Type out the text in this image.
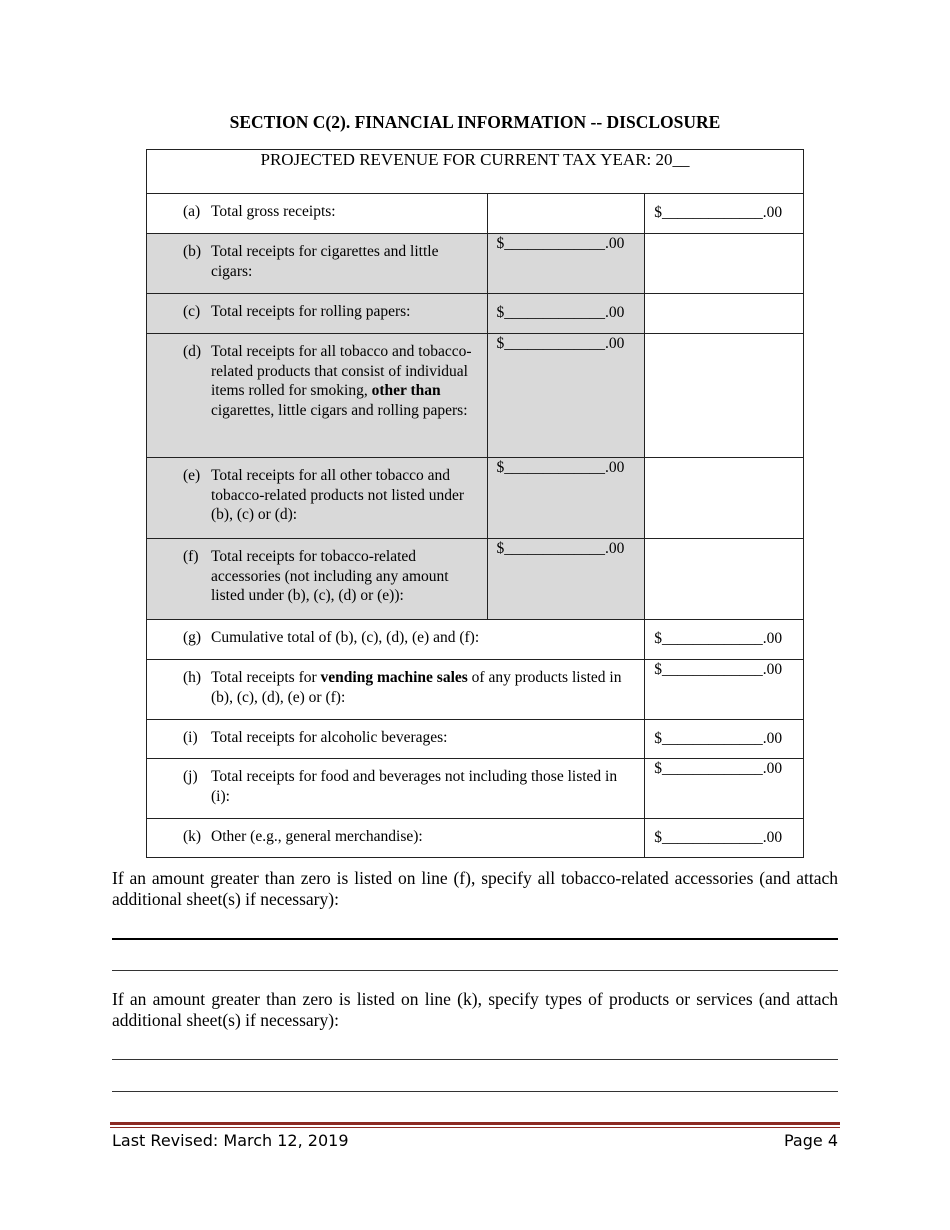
SECTION C(2). FINANCIAL INFORMATION -- DISCLOSURE
PROJECTED REVENUE FOR CURRENT TAX YEAR: 20__		

(a) Total gross receipts:		$_____________.00

(b) Total receipts for cigarettes and little cigars:	$_____________.00	

(c) Total receipts for rolling papers:	$_____________.00	

(d) Total receipts for all tobacco and tobacco-related products that consist of individual items rolled for smoking, other than cigarettes, little cigars and rolling papers:	$_____________.00	

(e) Total receipts for all other tobacco and tobacco-related products not listed under (b), (c) or (d):	$_____________.00	

(f) Total receipts for tobacco-related accessories (not including any amount listed under (b), (c), (d) or (e)):	$_____________.00	

(g) Cumulative total of (b), (c), (d), (e) and (f):		$_____________.00

(h) Total receipts for vending machine sales of any products listed in (b), (c), (d), (e) or (f):		$_____________.00

(i) Total receipts for alcoholic beverages:		$_____________.00

(j) Total receipts for food and beverages not including those listed in (i):		$_____________.00

(k) Other (e.g., general merchandise):		$_____________.00
If an amount greater than zero is listed on line (f), specify all tobacco-related accessories (and attach additional sheet(s) if necessary):
If an amount greater than zero is listed on line (k), specify types of products or services (and attach additional sheet(s) if necessary):
Last Revised: March 12, 2019	Page 4
